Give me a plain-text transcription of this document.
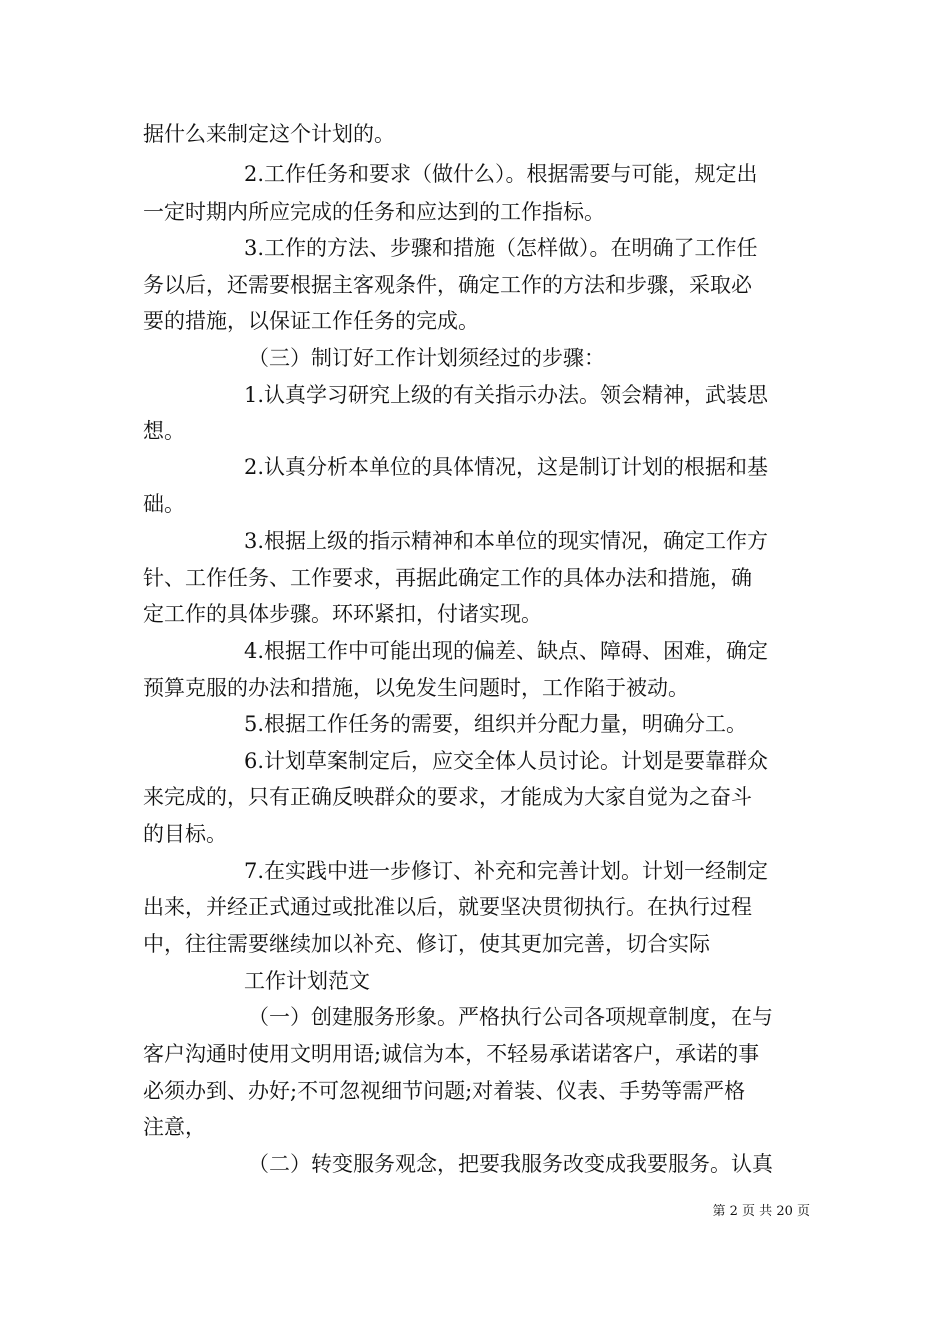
据什么来制定这个计划的。
2.工作任务和要求（做什么）。根据需要与可能，规定出
一定时期内所应完成的任务和应达到的工作指标。
3.工作的方法、步骤和措施（怎样做）。在明确了工作任
务以后，还需要根据主客观条件，确定工作的方法和步骤，采取必
要的措施，以保证工作任务的完成。
（三）制订好工作计划须经过的步骤：
1.认真学习研究上级的有关指示办法。领会精神，武装思
想。
2.认真分析本单位的具体情况，这是制订计划的根据和基
础。
3.根据上级的指示精神和本单位的现实情况，确定工作方
针、工作任务、工作要求，再据此确定工作的具体办法和措施，确
定工作的具体步骤。环环紧扣，付诸实现。
4.根据工作中可能出现的偏差、缺点、障碍、困难，确定
预算克服的办法和措施，以免发生问题时，工作陷于被动。
5.根据工作任务的需要，组织并分配力量，明确分工。
6.计划草案制定后，应交全体人员讨论。计划是要靠群众
来完成的，只有正确反映群众的要求，才能成为大家自觉为之奋斗
的目标。
7.在实践中进一步修订、补充和完善计划。计划一经制定
出来，并经正式通过或批准以后，就要坚决贯彻执行。在执行过程
中，往往需要继续加以补充、修订，使其更加完善，切合实际
工作计划范文
（一）创建服务形象。严格执行公司各项规章制度，在与
客户沟通时使用文明用语;诚信为本，不轻易承诺诺客户，承诺的事
必须办到、办好;不可忽视细节问题;对着装、仪表、手势等需严格
注意，
（二）转变服务观念，把要我服务改变成我要服务。认真
第 2 页 共 20 页
